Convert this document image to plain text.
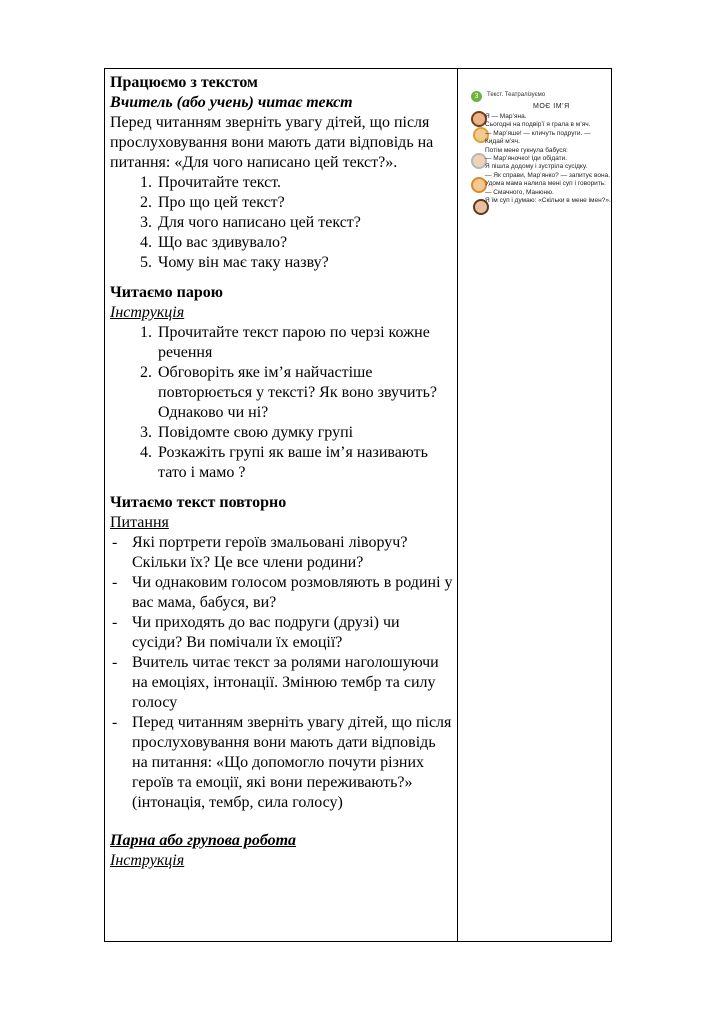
Працюємо з текстом

Вчитель (або учень) читає текст

Перед читанням зверніть увагу дітей, що після прослуховування вони мають дати відповідь на питання: «Для чого написано цей текст?».

1. Прочитайте текст.
2. Про що цей текст?
3. Для чого написано цей текст?
4. Що вас здивувало?
5. Чому він має таку назву?

Читаємо парою

Інструкція

1. Прочитайте текст парою по черзі кожне речення
2. Обговоріть яке ім’я найчастіше повторюється у тексті? Як воно звучить? Однаково чи ні?
3. Повідомте свою думку групі
4. Розкажіть групі як ваше ім’я називають тато і мамо ?

Читаємо текст повторно

Питання

- Які портрети героїв змальовані ліворуч? Скільки їх? Це все члени родини?
- Чи однаковим голосом розмовляють в родині у вас мама, бабуся, ви?
- Чи приходять до вас подруги (друзі) чи сусіди? Ви помічали їх емоції?
- Вчитель читає текст за ролями наголошуючи на емоціях, інтонації. Змінюю тембр та силу голосу
- Перед читанням зверніть увагу дітей, що після прослуховування вони мають дати відповідь на питання: «Що допомогло почути різних героїв та емоції, які вони переживають?» (інтонація, тембр, сила голосу)

Парна або групова робота

Інструкція

3	Текст. Театралізуємо
МОЄ ІМ’Я
Я — Мар’яна.
Сьогодні на подвір’ї я грала в м’яч.
— Мар’яше! — кличуть подруги. —
Кидай м’яч.
Потім мене гукнула бабуся:
— Мар’яночко! Іди обідати.
Я пішла додому і зустріла сусідку.
— Як справи, Мар’янко? — запитує вона.
Удома мама налила мені суп і говорить:
— Смачного, Манюню.
Я їм суп і думаю: «Скільки в мене імен?».
